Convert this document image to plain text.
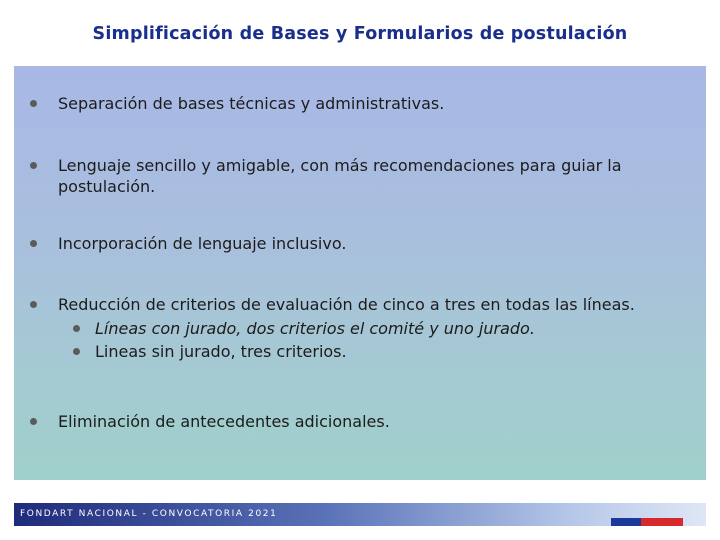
Simplificación de Bases y Formularios de postulación
Separación de bases técnicas y administrativas.
Lenguaje sencillo y amigable, con más recomendaciones para guiar la postulación.
Incorporación de lenguaje inclusivo.
Reducción de criterios de evaluación de cinco a tres en todas las líneas.
Líneas con jurado, dos criterios el comité y uno jurado.
Lineas sin jurado, tres criterios.
Eliminación de antecedentes adicionales.
FONDART NACIONAL - CONVOCATORIA 2021
